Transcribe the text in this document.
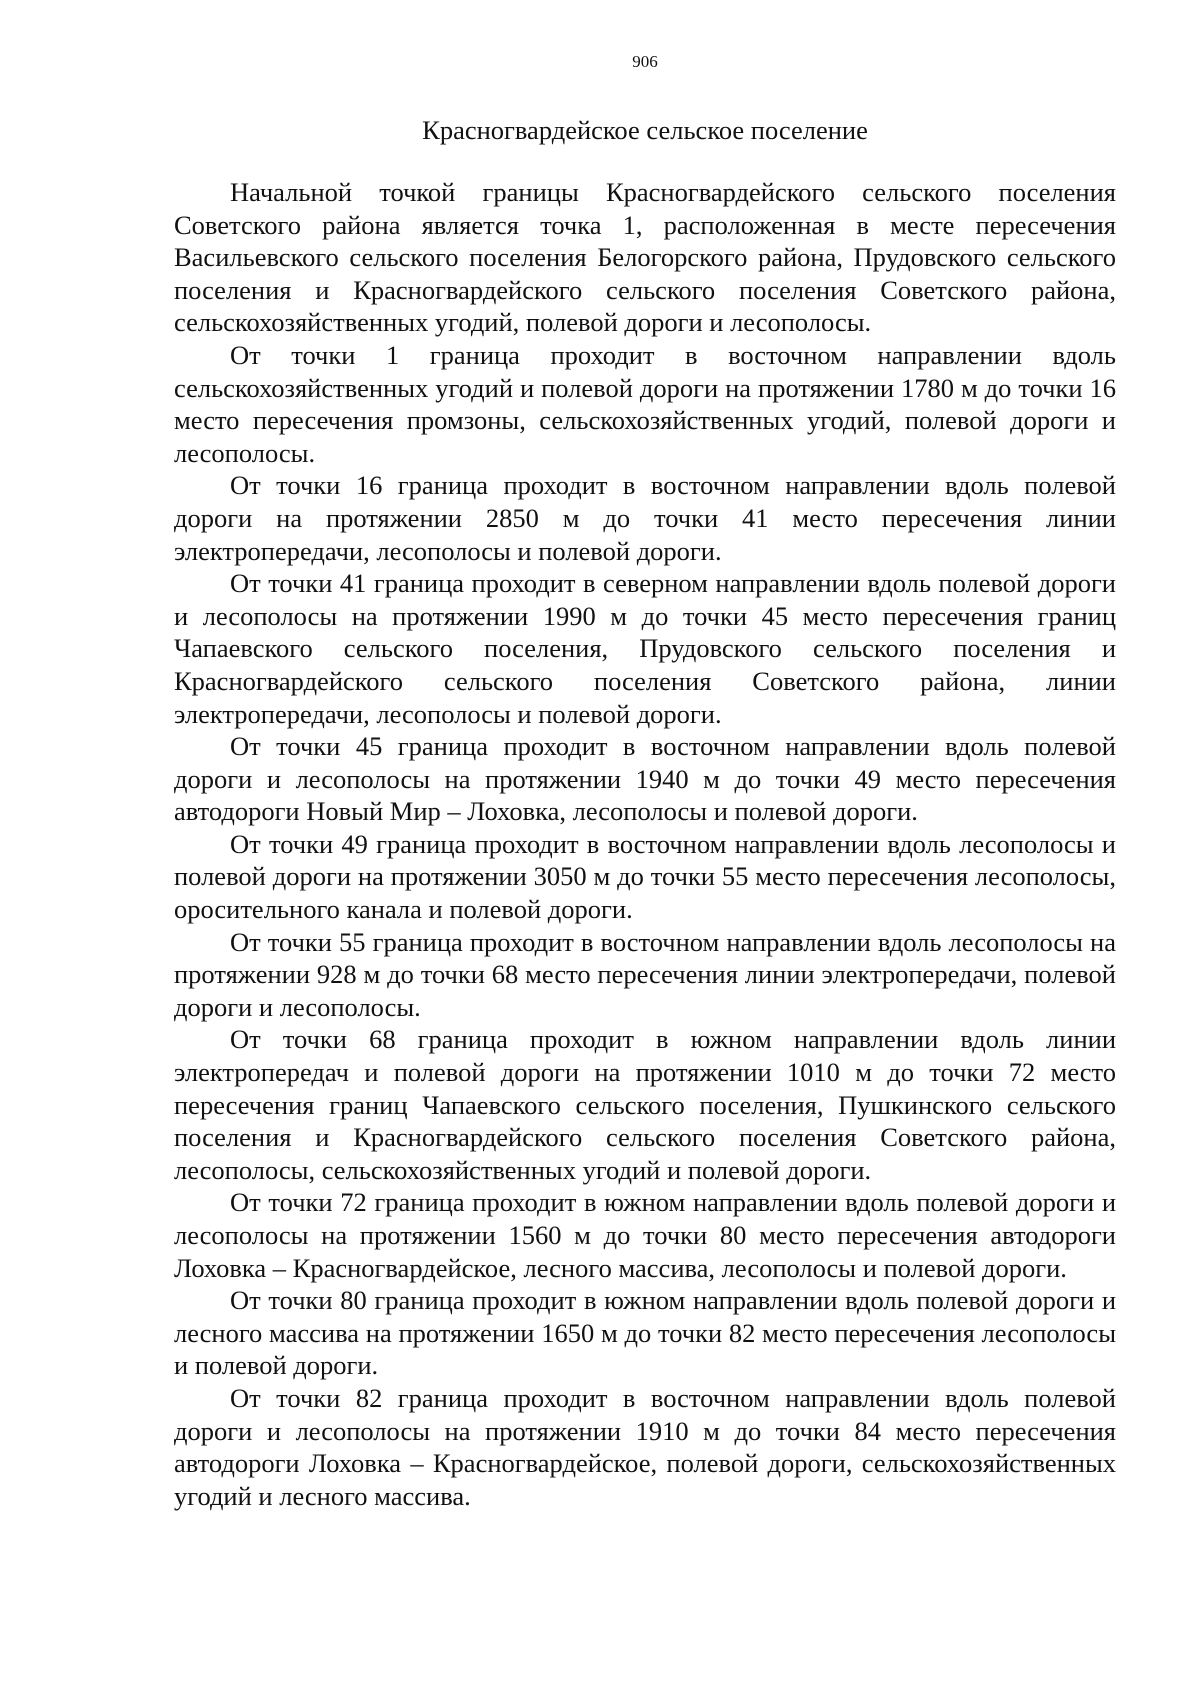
906
Красногвардейское сельское поселение

Начальной точкой границы Красногвардейского сельского поселения Советского района является точка 1, расположенная в месте пересечения Васильевского сельского поселения Белогорского района, Прудовского сельского поселения и Красногвардейского сельского поселения Советского района, сельскохозяйственных угодий, полевой дороги и лесополосы.

От точки 1 граница проходит в восточном направлении вдоль сельскохозяйственных угодий и полевой дороги на протяжении 1780 м до точки 16 место пересечения промзоны, сельскохозяйственных угодий, полевой дороги и лесополосы.

От точки 16 граница проходит в восточном направлении вдоль полевой дороги на протяжении 2850 м до точки 41 место пересечения линии электропередачи, лесополосы и полевой дороги.

От точки 41 граница проходит в северном направлении вдоль полевой дороги и лесополосы на протяжении 1990 м до точки 45 место пересечения границ Чапаевского сельского поселения, Прудовского сельского поселения и Красногвардейского сельского поселения Советского района, линии электропередачи, лесополосы и полевой дороги.

От точки 45 граница проходит в восточном направлении вдоль полевой дороги и лесополосы на протяжении 1940 м до точки 49 место пересечения автодороги Новый Мир – Лоховка, лесополосы и полевой дороги.

От точки 49 граница проходит в восточном направлении вдоль лесополосы и полевой дороги на протяжении 3050 м до точки 55 место пересечения лесополосы, оросительного канала и полевой дороги.

От точки 55 граница проходит в восточном направлении вдоль лесополосы на протяжении 928 м до точки 68 место пересечения линии электропередачи, полевой дороги и лесополосы.

От точки 68 граница проходит в южном направлении вдоль линии электропередач и полевой дороги на протяжении 1010 м до точки 72 место пересечения границ Чапаевского сельского поселения, Пушкинского сельского поселения и Красногвардейского сельского поселения Советского района, лесополосы, сельскохозяйственных угодий и полевой дороги.

От точки 72 граница проходит в южном направлении вдоль полевой дороги и лесополосы на протяжении 1560 м до точки 80 место пересечения автодороги Лоховка – Красногвардейское, лесного массива, лесополосы и полевой дороги.

От точки 80 граница проходит в южном направлении вдоль полевой дороги и лесного массива на протяжении 1650 м до точки 82 место пересечения лесополосы и полевой дороги.

От точки 82 граница проходит в восточном направлении вдоль полевой дороги и лесополосы на протяжении 1910 м до точки 84 место пересечения автодороги Лоховка – Красногвардейское, полевой дороги, сельскохозяйственных угодий и лесного массива.
